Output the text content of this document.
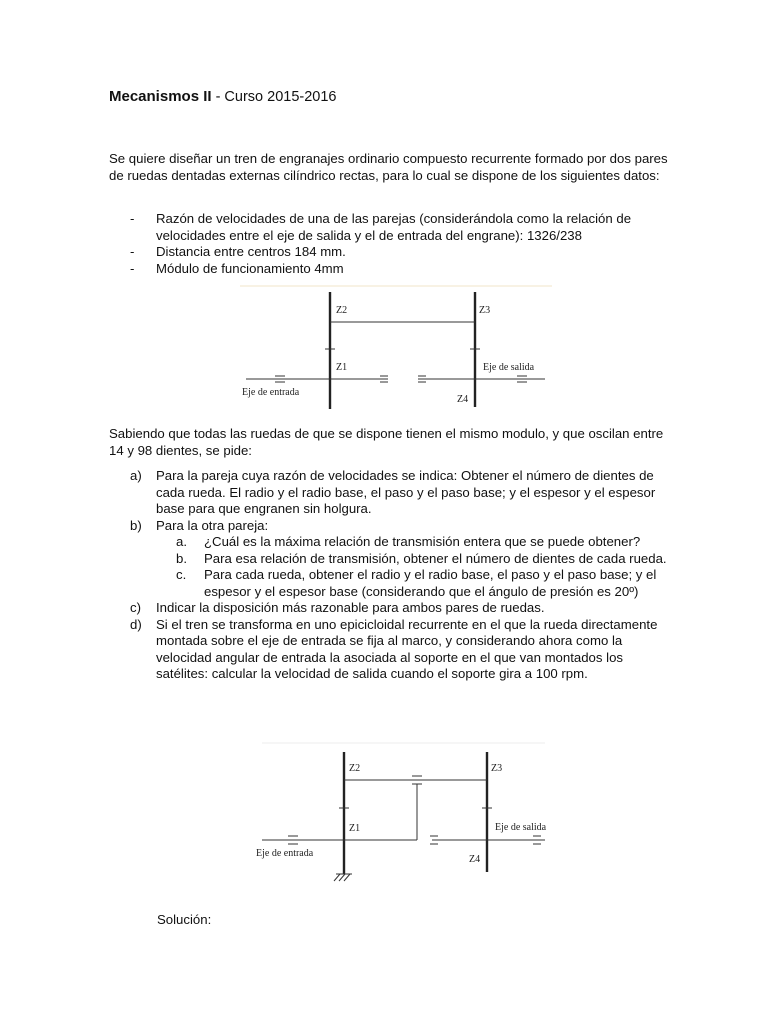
Mecanismos II - Curso 2015-2016
Se quiere diseñar un tren de engranajes ordinario compuesto recurrente formado por dos pares de ruedas dentadas externas cilíndrico rectas, para lo cual se dispone de los siguientes datos:
- Razón de velocidades de una de las parejas (considerándola como la relación de velocidades entre el eje de salida y el de entrada del engrane): 1326/238
- Distancia entre centros 184 mm.
- Módulo de funcionamiento 4mm
Z2	Z3
Z1
Z4
Eje de entrada
Eje de salida
Z2	Z3
Z1
Z4
Eje de entrada
Eje de salida
Sabiendo que todas las ruedas de que se dispone tienen el mismo modulo, y que oscilan entre 14 y 98 dientes, se pide:
a) Para la pareja cuya razón de velocidades se indica: Obtener el número de dientes de cada rueda. El radio y el radio base, el paso y el paso base; y el espesor y el espesor base para que engranen sin holgura.
b) Para la otra pareja:
a. ¿Cuál es la máxima relación de transmisión entera que se puede obtener?
b. Para esa relación de transmisión, obtener el número de dientes de cada rueda.
c. Para cada rueda, obtener el radio y el radio base, el paso y el paso base; y el espesor y el espesor base (considerando que el ángulo de presión es 20º)
c) Indicar la disposición más razonable para ambos pares de ruedas.
d) Si el tren se transforma en uno epicicloidal recurrente en el que la rueda directamente montada sobre el eje de entrada se fija al marco, y considerando ahora como la velocidad angular de entrada la asociada al soporte en el que van montados los satélites: calcular la velocidad de salida cuando el soporte gira a 100 rpm.
Solución:
